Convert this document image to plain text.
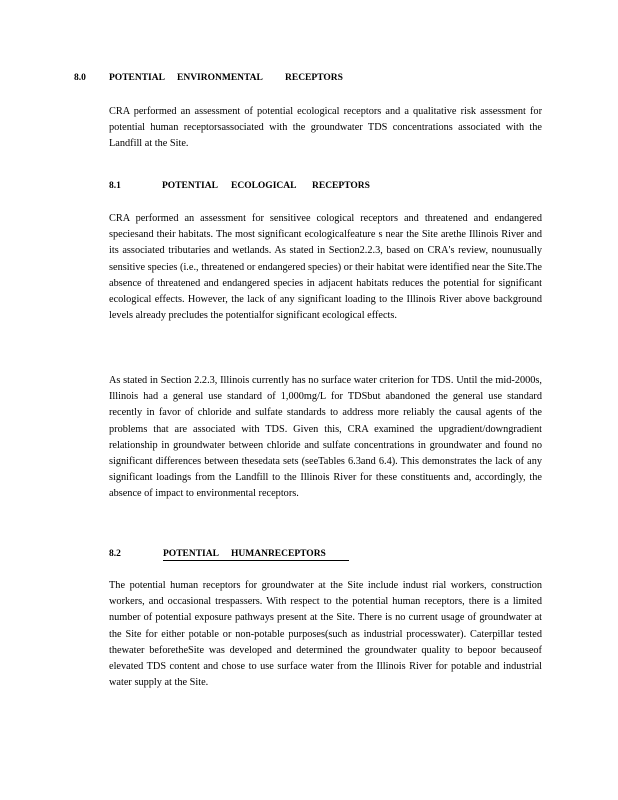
8.0 POTENTIAL ENVIRONMENTAL RECEPTORS

CRA performed an assessment of potential ecological receptors and a qualitative risk assessment for potential human receptorsassociated with the groundwater TDS concentrations associated with the Landfill at the Site.

8.1	POTENTIAL ECOLOGICAL RECEPTORS

CRA performed an assessment for sensitivee cological receptors and threatened and endangered speciesand their habitats. The most significant ecologicalfeature s near the Site arethe Illinois River and its associated tributaries and wetlands. As stated in Section2.2.3, based on CRA's review, nounusually sensitive species (i.e., threatened or endangered species) or their habitat were identified near the Site.The absence of threatened and endangered species in adjacent habitats reduces the potential for significant ecological effects. However, the lack of any significant loading to the Illinois River above background levels already precludes the potentialfor significant ecological effects.

As stated in Section 2.2.3, Illinois currently has no surface water criterion for TDS. Until the mid-2000s, Illinois had a general use standard of 1,000mg/L for TDSbut abandoned the general use standard recently in favor of chloride and sulfate standards to address more reliably the causal agents of the problems that are associated with TDS. Given this, CRA examined the upgradient/downgradient relationship in groundwater between chloride and sulfate concentrations in groundwater and found no significant differences between thesedata sets (seeTables 6.3and 6.4). This demonstrates the lack of any significant loadings from the Landfill to the Illinois River for these constituents and, accordingly, the absence of impact to environmental receptors.

8.2	POTENTIAL HUMANRECEPTORS

The potential human receptors for groundwater at the Site include indust rial workers, construction workers, and occasional trespassers. With respect to the potential human receptors, there is a limited number of potential exposure pathways present at the Site. There is no current usage of groundwater at the Site for either potable or non-potable purposes(such as industrial processwater). Caterpillar tested thewater beforetheSite was developed and determined the groundwater quality to bepoor becauseof elevated TDS content and chose to use surface water from the Illinois River for potable and industrial water supply at the Site.
